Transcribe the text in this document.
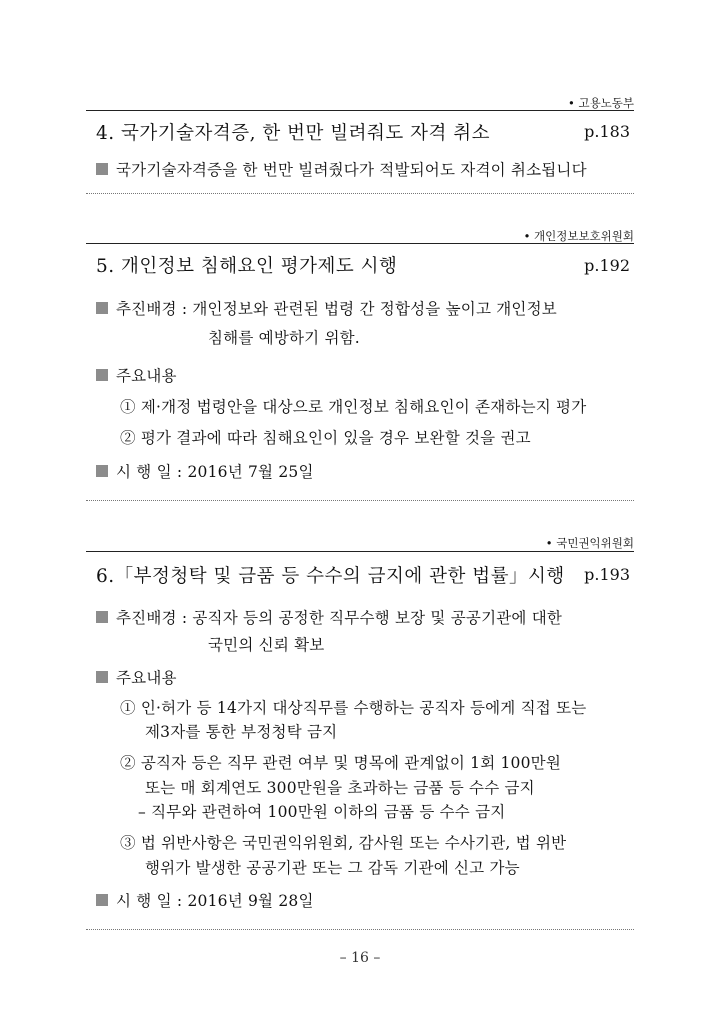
• 고용노동부
4. 국가기술자격증, 한 번만 빌려줘도 자격 취소	p.183
국가기술자격증을 한 번만 빌려줬다가 적발되어도 자격이 취소됩니다
• 개인정보보호위원회
5. 개인정보 침해요인 평가제도 시행	p.192
추진배경 : 개인정보와 관련된 법령 간 정합성을 높이고 개인정보
침해를 예방하기 위함.
주요내용
① 제·개정 법령안을 대상으로 개인정보 침해요인이 존재하는지 평가
② 평가 결과에 따라 침해요인이 있을 경우 보완할 것을 권고
시 행 일 : 2016년 7월 25일
• 국민권익위원회
6.「부정청탁 및 금품 등 수수의 금지에 관한 법률」시행 p.193
추진배경 : 공직자 등의 공정한 직무수행 보장 및 공공기관에 대한
국민의 신뢰 확보
주요내용
① 인·허가 등 14가지 대상직무를 수행하는 공직자 등에게 직접 또는
제3자를 통한 부정청탁 금지
② 공직자 등은 직무 관련 여부 및 명목에 관계없이 1회 100만원
또는 매 회계연도 300만원을 초과하는 금품 등 수수 금지
– 직무와 관련하여 100만원 이하의 금품 등 수수 금지
③ 법 위반사항은 국민권익위원회, 감사원 또는 수사기관, 법 위반
행위가 발생한 공공기관 또는 그 감독 기관에 신고 가능
시 행 일 : 2016년 9월 28일
– 16 –
